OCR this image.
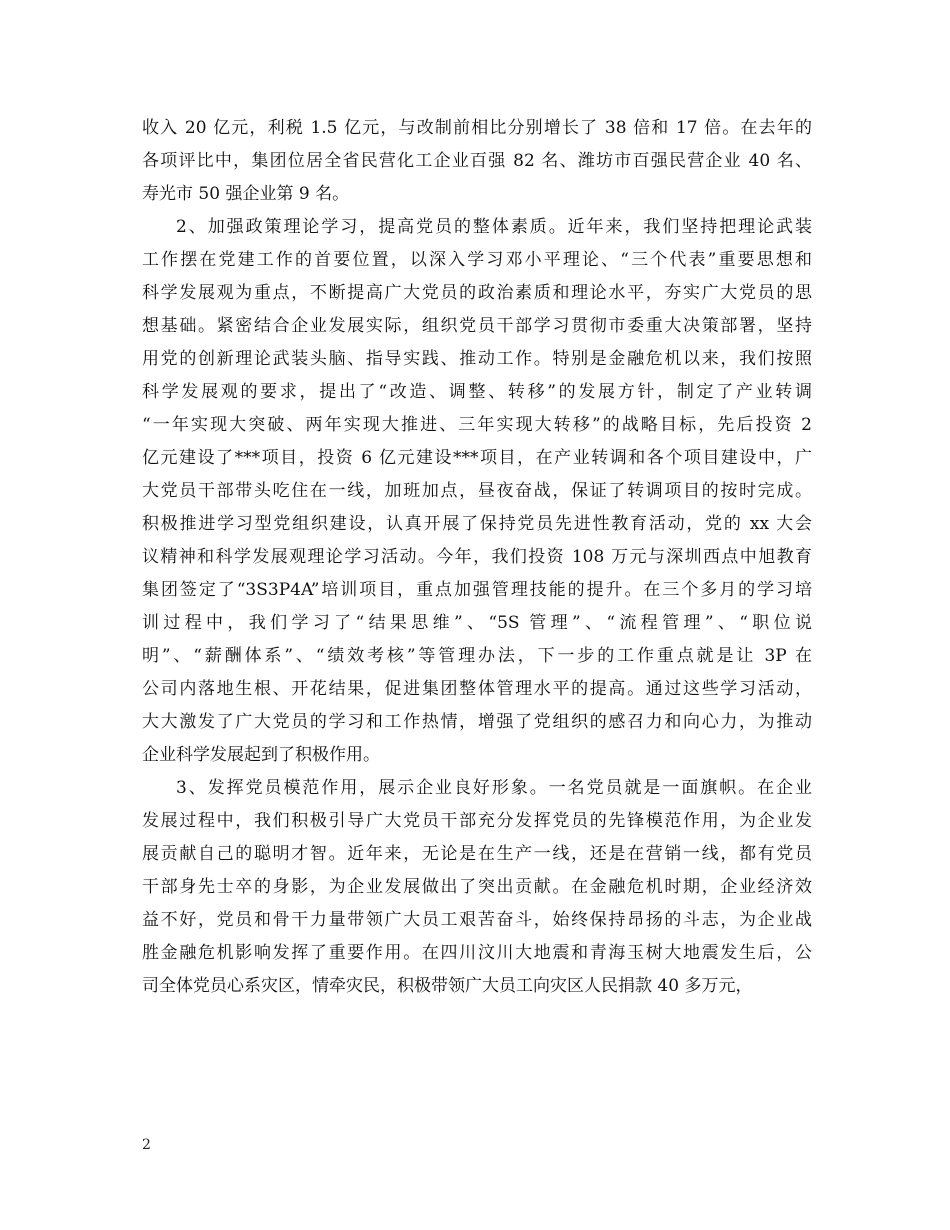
收入 20 亿元，利税 1.5 亿元，与改制前相比分别增长了 38 倍和 17 倍。在去年的
各项评比中，集团位居全省民营化工企业百强 82 名、潍坊市百强民营企业 40 名、
寿光市 50 强企业第 9 名。
2、加强政策理论学习，提高党员的整体素质。近年来，我们坚持把理论武装
工作摆在党建工作的首要位置，以深入学习邓小平理论、“三个代表”重要思想和
科学发展观为重点，不断提高广大党员的政治素质和理论水平，夯实广大党员的思
想基础。紧密结合企业发展实际，组织党员干部学习贯彻市委重大决策部署，坚持
用党的创新理论武装头脑、指导实践、推动工作。特别是金融危机以来，我们按照
科学发展观的要求，提出了“改造、调整、转移”的发展方针，制定了产业转调
“一年实现大突破、两年实现大推进、三年实现大转移”的战略目标，先后投资 2
亿元建设了***项目，投资 6 亿元建设***项目，在产业转调和各个项目建设中，广
大党员干部带头吃住在一线，加班加点，昼夜奋战，保证了转调项目的按时完成。
积极推进学习型党组织建设，认真开展了保持党员先进性教育活动，党的 xx 大会
议精神和科学发展观理论学习活动。今年，我们投资 108 万元与深圳西点中旭教育
集团签定了“3S3P4A”培训项目，重点加强管理技能的提升。在三个多月的学习培
训过程中，我们学习了“结果思维”、“5S 管理”、“流程管理”、“职位说
明”、“薪酬体系”、“绩效考核”等管理办法，下一步的工作重点就是让 3P 在
公司内落地生根、开花结果，促进集团整体管理水平的提高。通过这些学习活动，
大大激发了广大党员的学习和工作热情，增强了党组织的感召力和向心力，为推动
企业科学发展起到了积极作用。
3、发挥党员模范作用，展示企业良好形象。一名党员就是一面旗帜。在企业
发展过程中，我们积极引导广大党员干部充分发挥党员的先锋模范作用，为企业发
展贡献自己的聪明才智。近年来，无论是在生产一线，还是在营销一线，都有党员
干部身先士卒的身影，为企业发展做出了突出贡献。在金融危机时期，企业经济效
益不好，党员和骨干力量带领广大员工艰苦奋斗，始终保持昂扬的斗志，为企业战
胜金融危机影响发挥了重要作用。在四川汶川大地震和青海玉树大地震发生后，公
司全体党员心系灾区，情牵灾民，积极带领广大员工向灾区人民捐款 40 多万元，
2
